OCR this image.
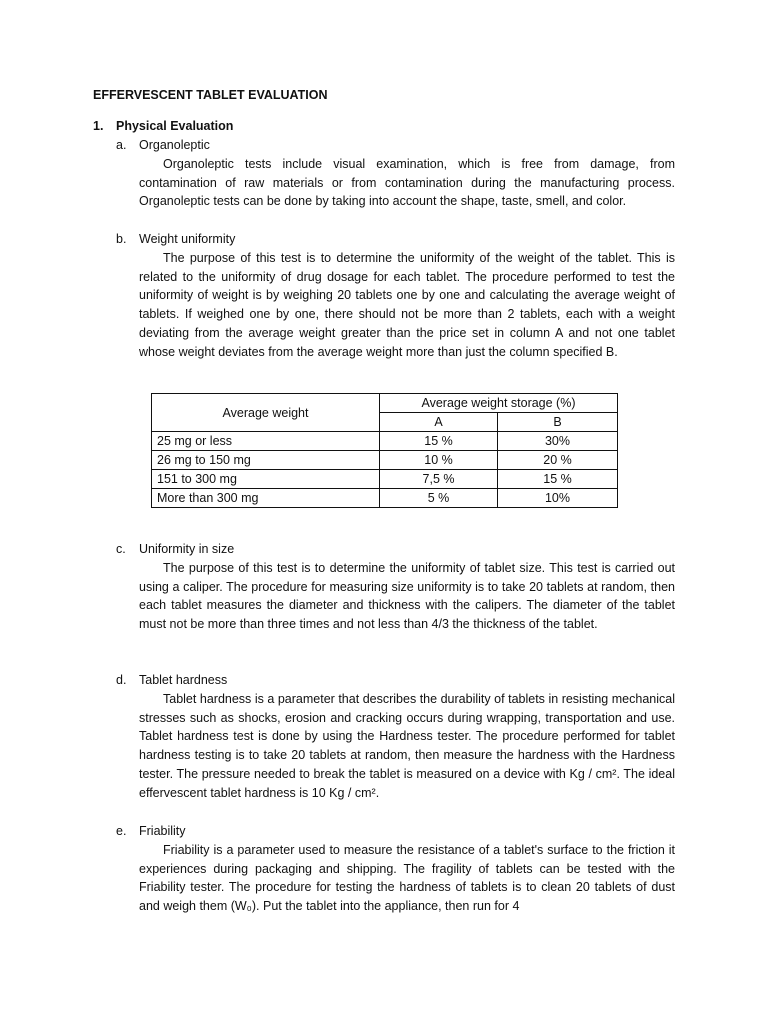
EFFERVESCENT TABLET EVALUATION
1. Physical Evaluation
a. Organoleptic
Organoleptic tests include visual examination, which is free from damage, from contamination of raw materials or from contamination during the manufacturing process. Organoleptic tests can be done by taking into account the shape, taste, smell, and color.
b. Weight uniformity
The purpose of this test is to determine the uniformity of the weight of the tablet. This is related to the uniformity of drug dosage for each tablet. The procedure performed to test the uniformity of weight is by weighing 20 tablets one by one and calculating the average weight of tablets. If weighed one by one, there should not be more than 2 tablets, each with a weight deviating from the average weight greater than the price set in column A and not one tablet whose weight deviates from the average weight more than just the column specified B.
Average weight	Average weight storage (%)	
	A	B
25 mg or less	15 %	30%
26 mg to 150 mg	10 %	20 %
151 to 300 mg	7,5 %	15 %
More than 300 mg	5 %	10%
c. Uniformity in size
The purpose of this test is to determine the uniformity of tablet size. This test is carried out using a caliper. The procedure for measuring size uniformity is to take 20 tablets at random, then each tablet measures the diameter and thickness with the calipers. The diameter of the tablet must not be more than three times and not less than 4/3 the thickness of the tablet.
d. Tablet hardness
Tablet hardness is a parameter that describes the durability of tablets in resisting mechanical stresses such as shocks, erosion and cracking occurs during wrapping, transportation and use. Tablet hardness test is done by using the Hardness tester. The procedure performed for tablet hardness testing is to take 20 tablets at random, then measure the hardness with the Hardness tester. The pressure needed to break the tablet is measured on a device with Kg / cm². The ideal effervescent tablet hardness is 10 Kg / cm².
e. Friability
Friability is a parameter used to measure the resistance of a tablet's surface to the friction it experiences during packaging and shipping. The fragility of tablets can be tested with the Friability tester. The procedure for testing the hardness of tablets is to clean 20 tablets of dust and weigh them (W₀). Put the tablet into the appliance, then run for 4
